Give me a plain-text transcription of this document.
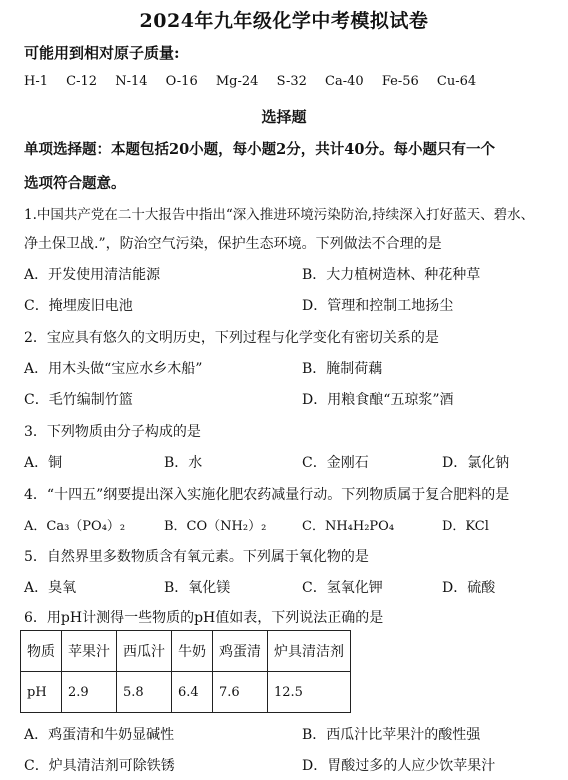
2024年九年级化学中考模拟试卷
可能用到相对原子质量:
H-1 C-12 N-14 O-16 Mg-24 S-32 Ca-40 Fe-56 Cu-64
选择题
单项选择题：本题包括20小题，每小题2分，共计40分。每小题只有一个
选项符合题意。
1.中国共产党在二十大报告中指出“深入推进环境污染防治,持续深入打好蓝天、碧水、
净土保卫战.”，防治空气污染，保护生态环境。下列做法不合理的是
A．开发使用清洁能源	B．大力植树造林、种花种草
C．掩埋废旧电池	D．管理和控制工地扬尘
2．宝应具有悠久的文明历史，下列过程与化学变化有密切关系的是
A．用木头做“宝应水乡木船”	B．腌制荷藕
C．毛竹编制竹篮	D．用粮食酿“五琼浆”酒
3．下列物质由分子构成的是
A．铜	B．水	C．金刚石	D．氯化钠
4．“十四五”纲要提出深入实施化肥农药减量行动。下列物质属于复合肥料的是
A．Ca₃（PO₄）₂	B．CO（NH₂）₂	C．NH₄H₂PO₄	D．KCl
5．自然界里多数物质含有氧元素。下列属于氧化物的是
A．臭氧	B．氧化镁	C．氢氧化钾	D．硫酸
6．用pH计测得一些物质的pH值如表，下列说法正确的是
物质	苹果汁	西瓜汁	牛奶	鸡蛋清	炉具清洁剂
pH	2.9	5.8	6.4	7.6	12.5
A．鸡蛋清和牛奶显碱性	B．西瓜汁比苹果汁的酸性强
C．炉具清洁剂可除铁锈	D．胃酸过多的人应少饮苹果汁
